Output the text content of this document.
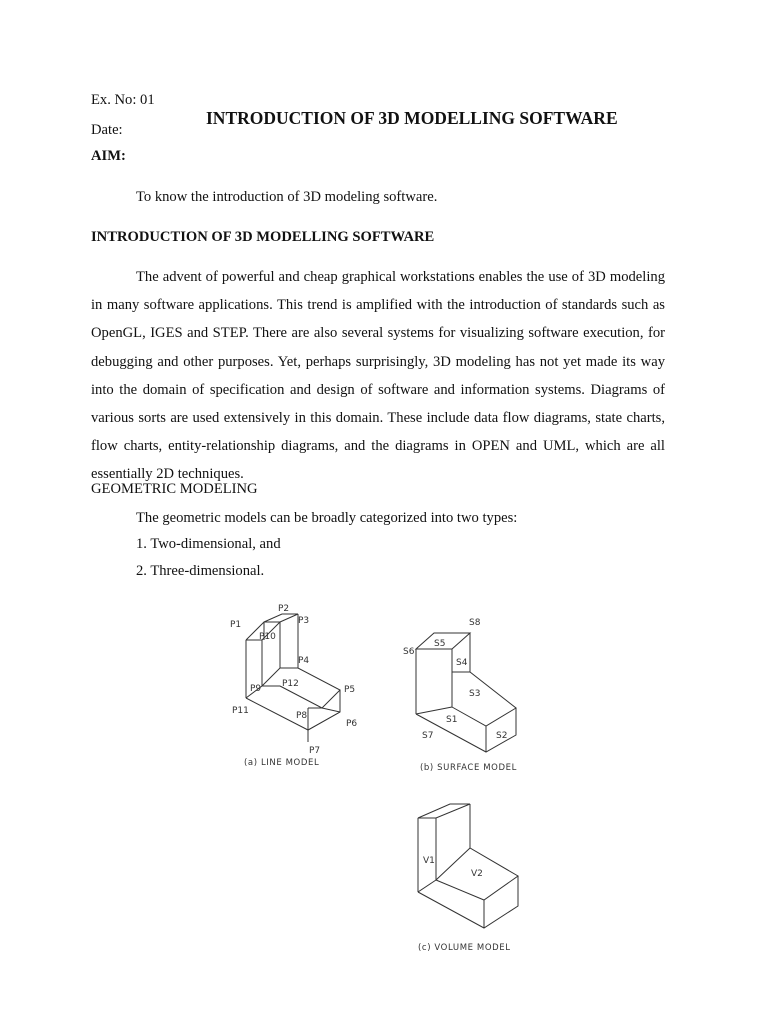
Ex. No: 01
Date:
INTRODUCTION OF 3D MODELLING SOFTWARE
AIM:
To know the introduction of 3D modeling software.
INTRODUCTION OF 3D MODELLING SOFTWARE

The advent of powerful and cheap graphical workstations enables the use of 3D modeling in many software applications. This trend is amplified with the introduction of standards such as OpenGL, IGES and STEP. There are also several systems for visualizing software execution, for debugging and other purposes. Yet, perhaps surprisingly, 3D modeling has not yet made its way into the domain of specification and design of software and information systems. Diagrams of various sorts are used extensively in this domain. These include data flow diagrams, state charts, flow charts, entity-relationship diagrams, and the diagrams in OPEN and UML, which are all essentially 2D techniques.

GEOMETRIC MODELING
The geometric models can be broadly categorized into two types:
1. Two-dimensional, and
2. Three-dimensional.
P1
P2
P3
P4
P5
P6
P7
P8
P9
P10
P11
P12
(a) LINE MODEL
S8
S5
S6
S4
S3
S1
S7	S2
(b) SURFACE MODEL
V1
V2
(c) VOLUME MODEL
